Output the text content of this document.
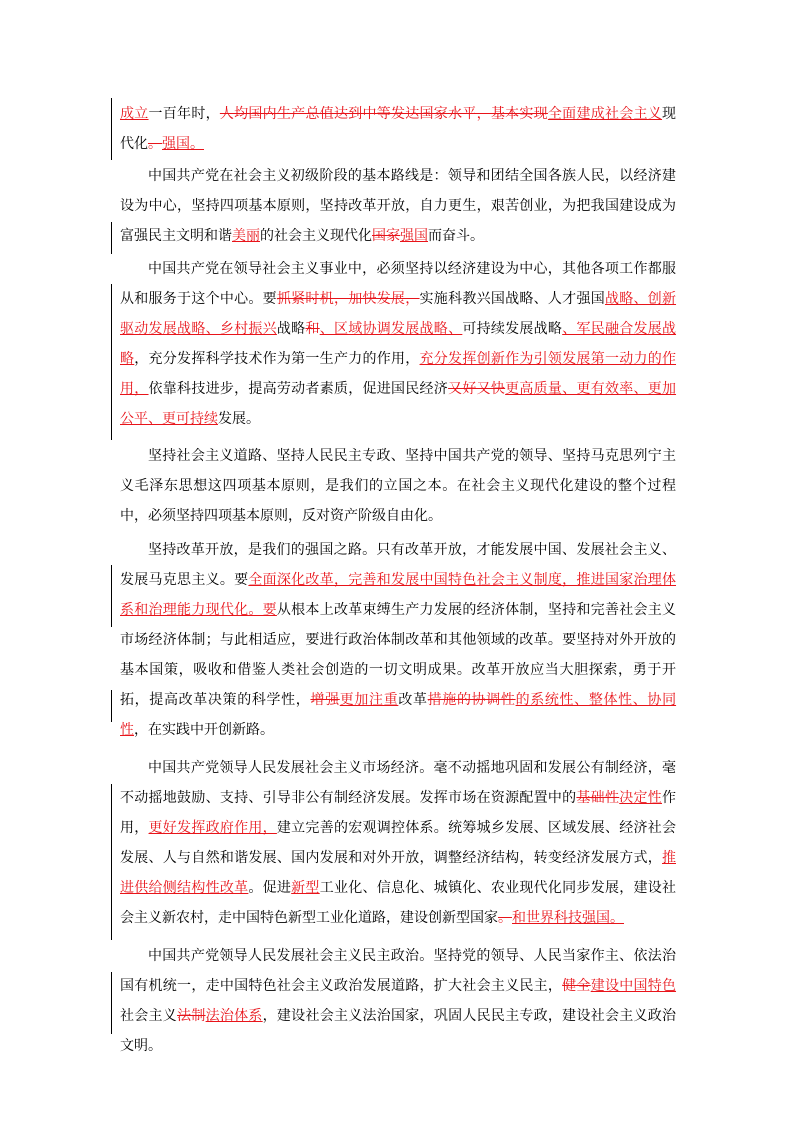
成立一百年时，人均国内生产总值达到中等发达国家水平，基本实现全面建成社会主义现代化。强国。

中国共产党在社会主义初级阶段的基本路线是：领导和团结全国各族人民，以经济建设为中心，坚持四项基本原则，坚持改革开放，自力更生，艰苦创业，为把我国建设成为富强民主文明和谐美丽的社会主义现代化国家强国而奋斗。

中国共产党在领导社会主义事业中，必须坚持以经济建设为中心，其他各项工作都服从和服务于这个中心。要抓紧时机，加快发展，实施科教兴国战略、人才强国战略、创新驱动发展战略、乡村振兴战略和、区域协调发展战略、可持续发展战略、军民融合发展战略，充分发挥科学技术作为第一生产力的作用，充分发挥创新作为引领发展第一动力的作用，依靠科技进步，提高劳动者素质，促进国民经济又好又快更高质量、更有效率、更加公平、更可持续发展。

坚持社会主义道路、坚持人民民主专政、坚持中国共产党的领导、坚持马克思列宁主义毛泽东思想这四项基本原则，是我们的立国之本。在社会主义现代化建设的整个过程中，必须坚持四项基本原则，反对资产阶级自由化。

坚持改革开放，是我们的强国之路。只有改革开放，才能发展中国、发展社会主义、发展马克思主义。要全面深化改革，完善和发展中国特色社会主义制度，推进国家治理体系和治理能力现代化。要从根本上改革束缚生产力发展的经济体制，坚持和完善社会主义市场经济体制；与此相适应，要进行政治体制改革和其他领域的改革。要坚持对外开放的基本国策，吸收和借鉴人类社会创造的一切文明成果。改革开放应当大胆探索，勇于开拓，提高改革决策的科学性，增强更加注重改革措施的协调性的系统性、整体性、协同性，在实践中开创新路。

中国共产党领导人民发展社会主义市场经济。毫不动摇地巩固和发展公有制经济，毫不动摇地鼓励、支持、引导非公有制经济发展。发挥市场在资源配置中的基础性决定性作用，更好发挥政府作用，建立完善的宏观调控体系。统筹城乡发展、区域发展、经济社会发展、人与自然和谐发展、国内发展和对外开放，调整经济结构，转变经济发展方式，推进供给侧结构性改革。促进新型工业化、信息化、城镇化、农业现代化同步发展，建设社会主义新农村，走中国特色新型工业化道路，建设创新型国家。和世界科技强国。

中国共产党领导人民发展社会主义民主政治。坚持党的领导、人民当家作主、依法治国有机统一，走中国特色社会主义政治发展道路，扩大社会主义民主，健全建设中国特色社会主义法制法治体系，建设社会主义法治国家，巩固人民民主专政，建设社会主义政治文明。
